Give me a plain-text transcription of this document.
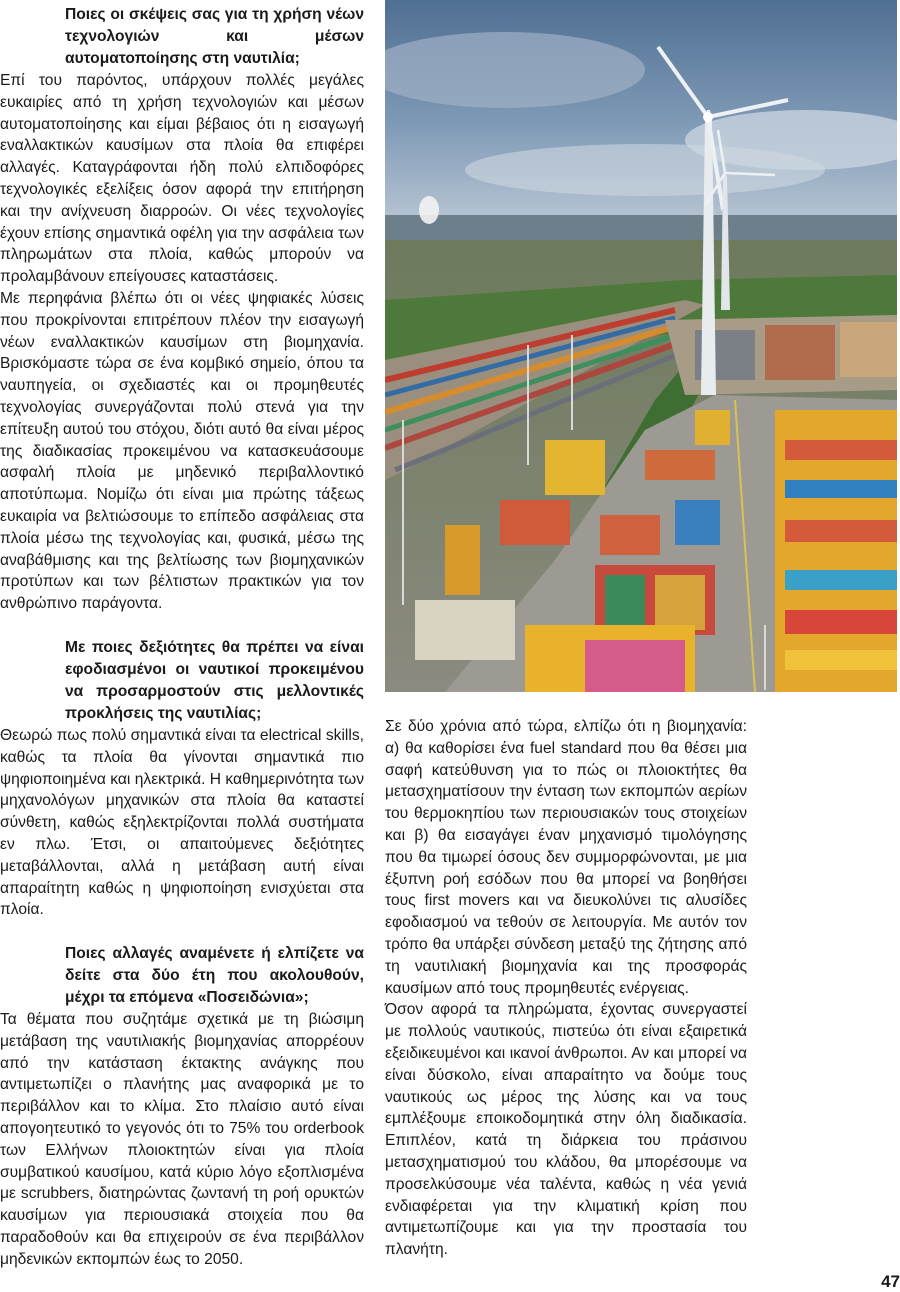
Ποιες οι σκέψεις σας για τη χρήση νέων τεχνολογιών και μέσων αυτοματοποίησης στη ναυτιλία;

Επί του παρόντος, υπάρχουν πολλές μεγάλες ευκαιρίες από τη χρήση τεχνολογιών και μέσων αυτοματοποίησης και είμαι βέβαιος ότι η εισαγωγή εναλλακτικών καυσίμων στα πλοία θα επιφέρει αλλαγές. Καταγράφονται ήδη πολύ ελπιδοφόρες τεχνολογικές εξελίξεις όσον αφορά την επιτήρηση και την ανίχνευση διαρροών. Οι νέες τεχνολογίες έχουν επίσης σημαντικά οφέλη για την ασφάλεια των πληρωμάτων στα πλοία, καθώς μπορούν να προλαμβάνουν επείγουσες καταστάσεις.

Με περηφάνια βλέπω ότι οι νέες ψηφιακές λύσεις που προκρίνονται επιτρέπουν πλέον την εισαγωγή νέων εναλλακτικών καυσίμων στη βιομηχανία. Βρισκόμαστε τώρα σε ένα κομβικό σημείο, όπου τα ναυπηγεία, οι σχεδιαστές και οι προμηθευτές τεχνολογίας συνεργάζονται πολύ στενά για την επίτευξη αυτού του στόχου, διότι αυτό θα είναι μέρος της διαδικασίας προκειμένου να κατασκευάσουμε ασφαλή πλοία με μηδενικό περιβαλλοντικό αποτύπωμα. Νομίζω ότι είναι μια πρώτης τάξεως ευκαιρία να βελτιώσουμε το επίπεδο ασφάλειας στα πλοία μέσω της τεχνολογίας και, φυσικά, μέσω της αναβάθμισης και της βελτίωσης των βιομηχανικών προτύπων και των βέλτιστων πρακτικών για τον ανθρώπινο παράγοντα.

Με ποιες δεξιότητες θα πρέπει να είναι εφοδιασμένοι οι ναυτικοί προκειμένου να προσαρμοστούν στις μελλοντικές προκλήσεις της ναυτιλίας;

Θεωρώ πως πολύ σημαντικά είναι τα electrical skills, καθώς τα πλοία θα γίνονται σημαντικά πιο ψηφιοποιημένα και ηλεκτρικά. Η καθημερινότητα των μηχανολόγων μηχανικών στα πλοία θα καταστεί σύνθετη, καθώς εξηλεκτρίζονται πολλά συστήματα εν πλω. Έτσι, οι απαιτούμενες δεξιότητες μεταβάλλονται, αλλά η μετάβαση αυτή είναι απαραίτητη καθώς η ψηφιοποίηση ενισχύεται στα πλοία.

Ποιες αλλαγές αναμένετε ή ελπίζετε να δείτε στα δύο έτη που ακολουθούν, μέχρι τα επόμενα «Ποσειδώνια»;

Τα θέματα που συζητάμε σχετικά με τη βιώσιμη μετάβαση της ναυτιλιακής βιομηχανίας απορρέουν από την κατάσταση έκτακτης ανάγκης που αντιμετωπίζει ο πλανήτης μας αναφορικά με το περιβάλλον και το κλίμα. Στο πλαίσιο αυτό είναι απογοητευτικό το γεγονός ότι το 75% του orderbook των Ελλήνων πλοιοκτητών είναι για πλοία συμβατικού καυσίμου, κατά κύριο λόγο εξοπλισμένα με scrubbers, διατηρώντας ζωντανή τη ροή ορυκτών καυσίμων για περιουσιακά στοιχεία που θα παραδοθούν και θα επιχειρούν σε ένα περιβάλλον μηδενικών εκπομπών έως το 2050.

Σε δύο χρόνια από τώρα, ελπίζω ότι η βιομηχανία: α) θα καθορίσει ένα fuel standard που θα θέσει μια σαφή κατεύθυνση για το πώς οι πλοιοκτήτες θα μετασχηματίσουν την ένταση των εκπομπών αερίων του θερμοκηπίου των περιουσιακών τους στοιχείων και β) θα εισαγάγει έναν μηχανισμό τιμολόγησης που θα τιμωρεί όσους δεν συμμορφώνονται, με μια έξυπνη ροή εσόδων που θα μπορεί να βοηθήσει τους first movers και να διευκολύνει τις αλυσίδες εφοδιασμού να τεθούν σε λειτουργία. Με αυτόν τον τρόπο θα υπάρξει σύνδεση μεταξύ της ζήτησης από τη ναυτιλιακή βιομηχανία και της προσφοράς καυσίμων από τους προμηθευτές ενέργειας.

Όσον αφορά τα πληρώματα, έχοντας συνεργαστεί με πολλούς ναυτικούς, πιστεύω ότι είναι εξαιρετικά εξειδικευμένοι και ικανοί άνθρωποι. Αν και μπορεί να είναι δύσκολο, είναι απαραίτητο να δούμε τους ναυτικούς ως μέρος της λύσης και να τους εμπλέξουμε εποικοδομητικά στην όλη διαδικασία. Επιπλέον, κατά τη διάρκεια του πράσινου μετασχηματισμού του κλάδου, θα μπορέσουμε να προσελκύσουμε νέα ταλέντα, καθώς η νέα γενιά ενδιαφέρεται για την κλιματική κρίση που αντιμετωπίζουμε και για την προστασία του πλανήτη.

47
